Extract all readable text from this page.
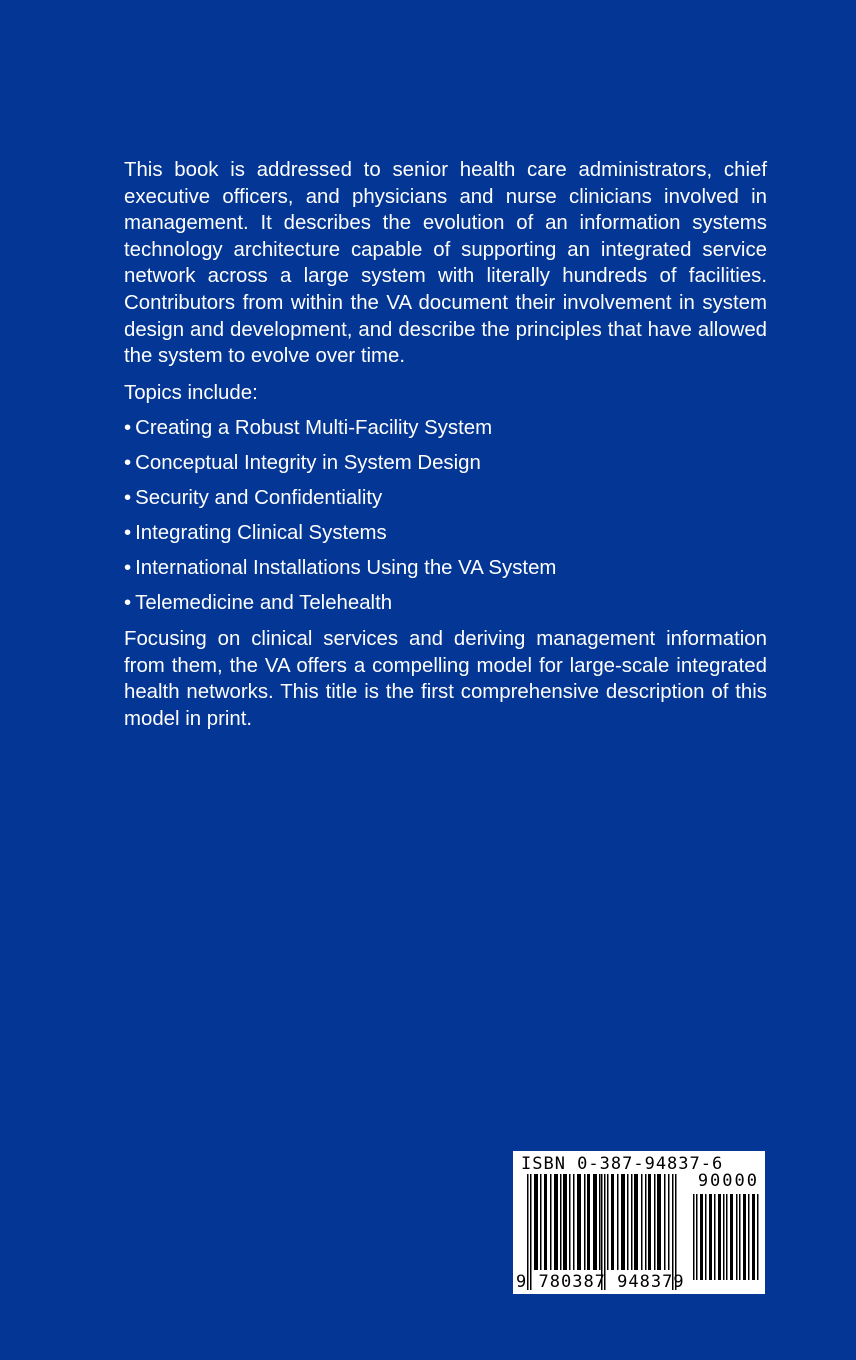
This book is addressed to senior health care administrators, chief executive officers, and physicians and nurse clinicians involved in management. It describes the evolution of an information systems technology architecture capable of supporting an integrated service network across a large system with literally hundreds of facilities. Contributors from within the VA document their involvement in system design and development, and describe the principles that have allowed the system to evolve over time.

Topics include:

• Creating a Robust Multi-Facility System
• Conceptual Integrity in System Design
• Security and Confidentiality
• Integrating Clinical Systems
• International Installations Using the VA System
• Telemedicine and Telehealth

Focusing on clinical services and deriving management information from them, the VA offers a compelling model for large-scale integrated health networks. This title is the first comprehensive description of this model in print.

ISBN 0-387-94837-6
90000
9 780387 948379
